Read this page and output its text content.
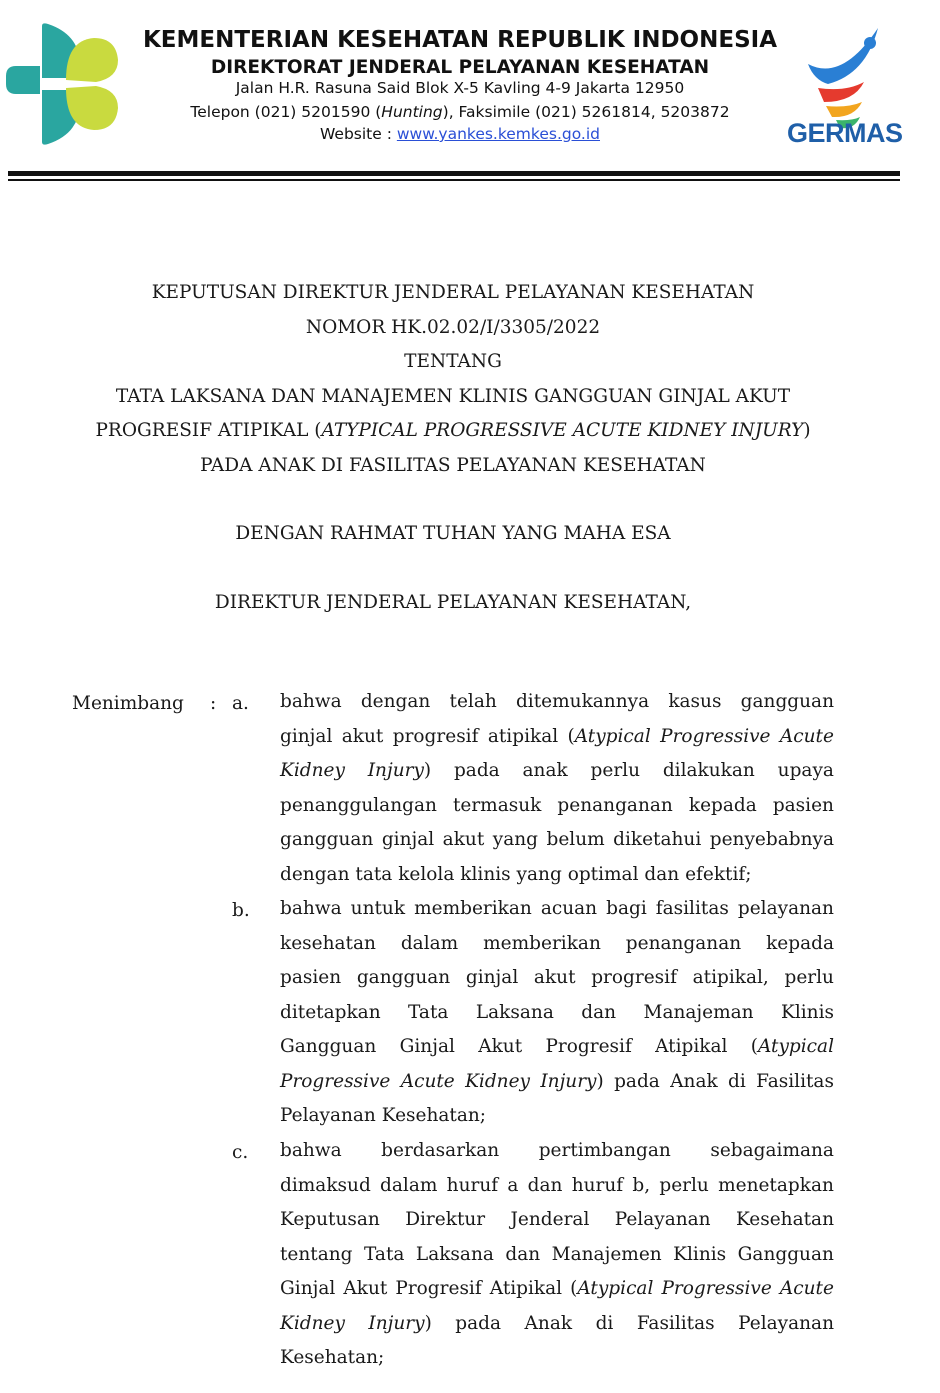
KEMENTERIAN KESEHATAN REPUBLIK INDONESIA
DIREKTORAT JENDERAL PELAYANAN KESEHATAN
Jalan H.R. Rasuna Said Blok X-5 Kavling 4-9 Jakarta 12950
Telepon (021) 5201590 (Hunting), Faksimile (021) 5261814, 5203872
Website : www.yankes.kemkes.go.id	GERMAS
KEPUTUSAN DIREKTUR JENDERAL PELAYANAN KESEHATAN
NOMOR HK.02.02/I/3305/2022
TENTANG
TATA LAKSANA DAN MANAJEMEN KLINIS GANGGUAN GINJAL AKUT
PROGRESIF ATIPIKAL (ATYPICAL PROGRESSIVE ACUTE KIDNEY INJURY)
PADA ANAK DI FASILITAS PELAYANAN KESEHATAN
DENGAN RAHMAT TUHAN YANG MAHA ESA
DIREKTUR JENDERAL PELAYANAN KESEHATAN,
Menimbang : a. bahwa dengan telah ditemukannya kasus gangguan
ginjal akut progresif atipikal (Atypical Progressive Acute
Kidney Injury) pada anak perlu dilakukan upaya
penanggulangan termasuk penanganan kepada pasien
gangguan ginjal akut yang belum diketahui penyebabnya
dengan tata kelola klinis yang optimal dan efektif;
b. bahwa untuk memberikan acuan bagi fasilitas pelayanan
kesehatan dalam memberikan penanganan kepada
pasien gangguan ginjal akut progresif atipikal, perlu
ditetapkan Tata Laksana dan Manajeman Klinis
Gangguan Ginjal Akut Progresif Atipikal (Atypical
Progressive Acute Kidney Injury) pada Anak di Fasilitas
Pelayanan Kesehatan;
c. bahwa berdasarkan pertimbangan sebagaimana
dimaksud dalam huruf a dan huruf b, perlu menetapkan
Keputusan Direktur Jenderal Pelayanan Kesehatan
tentang Tata Laksana dan Manajemen Klinis Gangguan
Ginjal Akut Progresif Atipikal (Atypical Progressive Acute
Kidney Injury) pada Anak di Fasilitas Pelayanan
Kesehatan;
